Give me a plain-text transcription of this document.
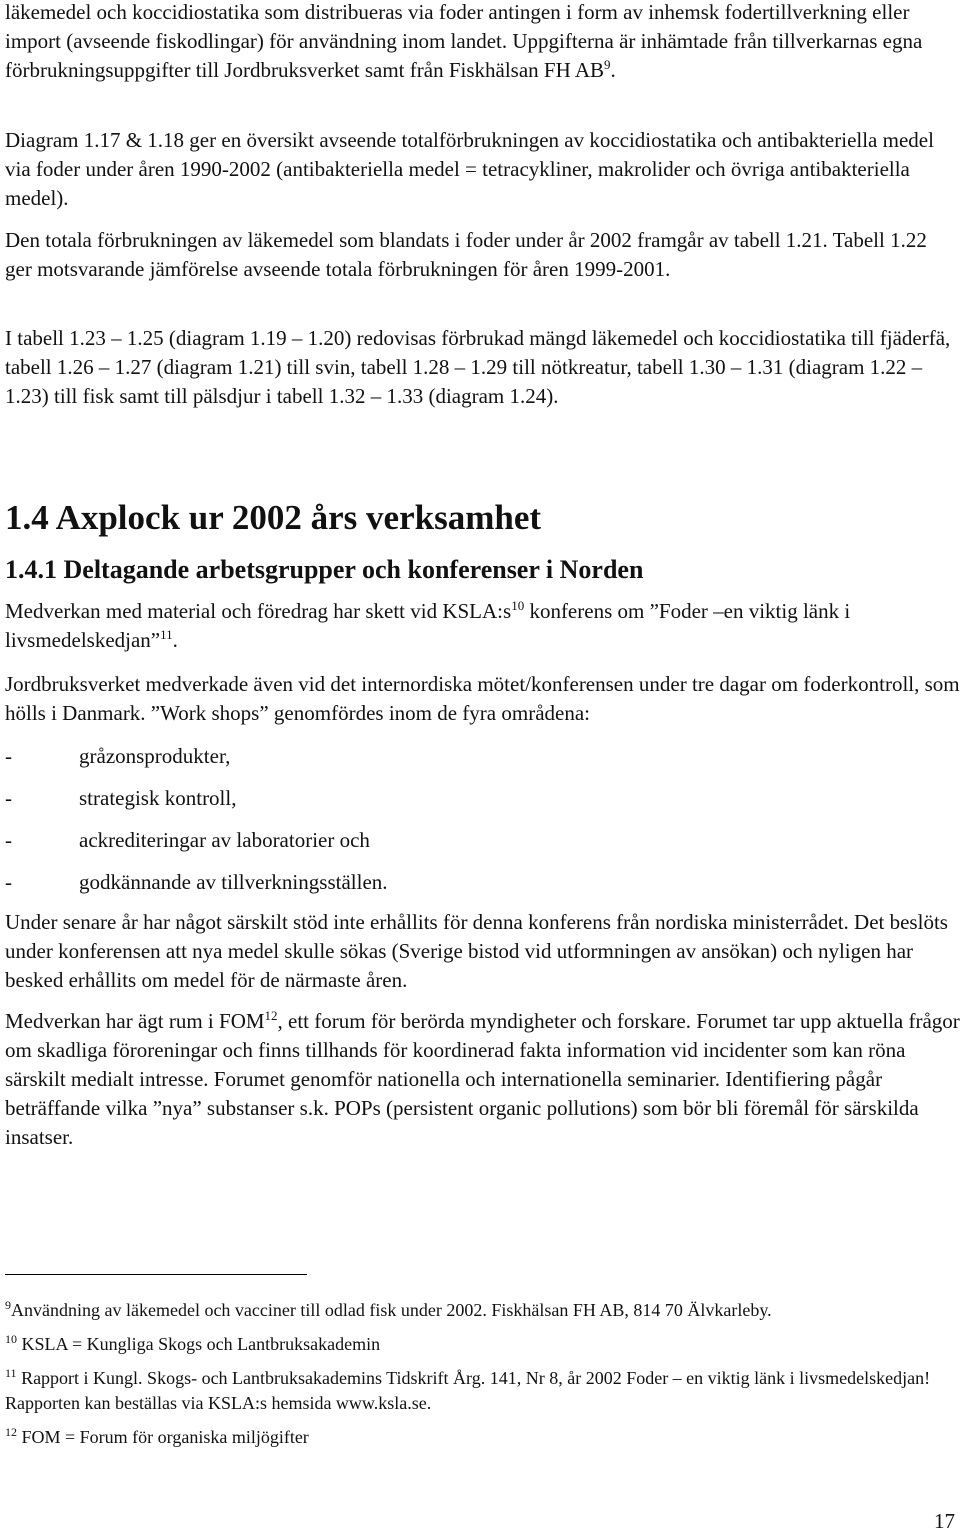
läkemedel och koccidiostatika som distribueras via foder antingen i form av inhemsk fodertillverkning eller import (avseende fiskodlingar) för användning inom landet. Uppgifterna är inhämtade från tillverkarnas egna förbrukningsuppgifter till Jordbruksverket samt från Fiskhälsan FH $AB^9$.

Diagram 1.17 & 1.18 ger en översikt avseende totalförbrukningen av koccidiostatika och antibakteriella medel via foder under åren 1990-2002 (antibakteriella medel = tetracykliner, makrolider och övriga antibakteriella medel).

Den totala förbrukningen av läkemedel som blandats i foder under år 2002 framgår av tabell 1.21. Tabell 1.22 ger motsvarande jämförelse avseende totala förbrukningen för åren 1999-2001.

I tabell 1.23 – 1.25 (diagram 1.19 – 1.20) redovisas förbrukad mängd läkemedel och koccidiostatika till fjäderfä, tabell 1.26 – 1.27 (diagram 1.21) till svin, tabell 1.28 – 1.29 till nötkreatur, tabell 1.30 – 1.31 (diagram 1.22 – 1.23) till fisk samt till pälsdjur i tabell 1.32 – 1.33 (diagram 1.24).

1.4 Axplock ur 2002 års verksamhet
1.4.1 Deltagande arbetsgrupper och konferenser i Norden

Medverkan med material och föredrag har skett vid $KSLA:s^{10}$ konferens om ”Foder –en viktig länk i livsmedelskedjan”$^{11}$.

Jordbruksverket medverkade även vid det internordiska mötet/konferensen under tre dagar om foderkontroll, som hölls i Danmark. ”Work shops” genomfördes inom de fyra områdena:

-	gråzonsprodukter,
-	strategisk kontroll,
-	ackrediteringar av laboratorier och
-	godkännande av tillverkningsställen.

Under senare år har något särskilt stöd inte erhållits för denna konferens från nordiska ministerrådet. Det beslöts under konferensen att nya medel skulle sökas (Sverige bistod vid utformningen av ansökan) och nyligen har besked erhållits om medel för de närmaste åren.

Medverkan har ägt rum i FOM$^{12}$, ett forum för berörda myndigheter och forskare. Forumet tar upp aktuella frågor om skadliga föroreningar och finns tillhands för koordinerad fakta information vid incidenter som kan röna särskilt medialt intresse. Forumet genomför nationella och internationella seminarier. Identifiering pågår beträffande vilka ”nya” substanser s.k. POPs (persistent organic pollutions) som bör bli föremål för särskilda insatser.

$^9$Användning av läkemedel och vacciner till odlad fisk under 2002. Fiskhälsan FH AB, 814 70 Älvkarleby.

$^{10}$ KSLA = Kungliga Skogs och Lantbruksakademin

$^{11}$ Rapport i Kungl. Skogs- och Lantbruksakademins Tidskrift Årg. 141, Nr 8, år 2002 Foder – en viktig länk i livsmedelskedjan! Rapporten kan beställas via KSLA:s hemsida www.ksla.se.

$^{12}$ FOM = Forum för organiska miljögifter

17
